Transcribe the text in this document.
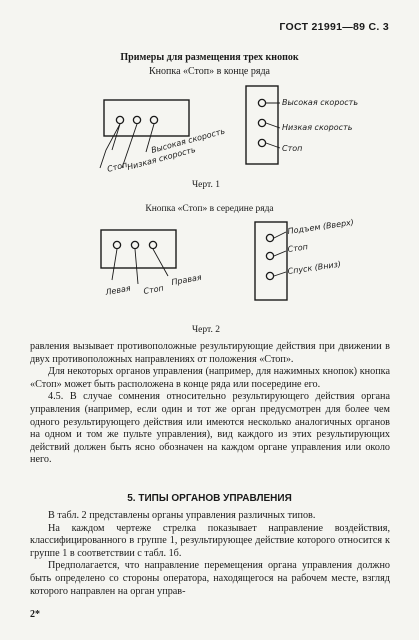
ГОСТ 21991—89 С. 3
Примеры для размещения трех кнопок
Кнопка «Стоп» в конце ряда
Стоп
Низкая скорость
Высокая скорость
Высокая скорость
Низкая скорость
Стоп
Черт. 1
Кнопка «Стоп» в середине ряда
Левая Стоп
Правая
Подъем (Вверх)
Стоп
Спуск (Вниз)
Черт. 2

равления вызывает противоположные результирующие действия при движении в двух противоположных направлениях от положения «Стоп».

Для некоторых органов управления (например, для нажимных кнопок) кнопка «Стоп» может быть расположена в конце ряда или посередине его.

4.5. В случае сомнения относительно результирующего действия органа управления (например, если один и тот же орган предусмотрен для более чем одного результирующего действия или имеются несколько аналогичных органов на одном и том же пульте управления), вид каждого из этих результирующих действий должен быть ясно обозначен на каждом органе управления или около него.

5. ТИПЫ ОРГАНОВ УПРАВЛЕНИЯ

В табл. 2 представлены органы управления различных типов.

На каждом чертеже стрелка показывает направление воздействия, классифицированного в группе 1, результирующее действие которого относится к группе 1 в соответствии с табл. 1б.

Предполагается, что направление перемещения органа управления должно быть определено со стороны оператора, находящегося на рабочем месте, взгляд которого направлен на орган управ-

2*
